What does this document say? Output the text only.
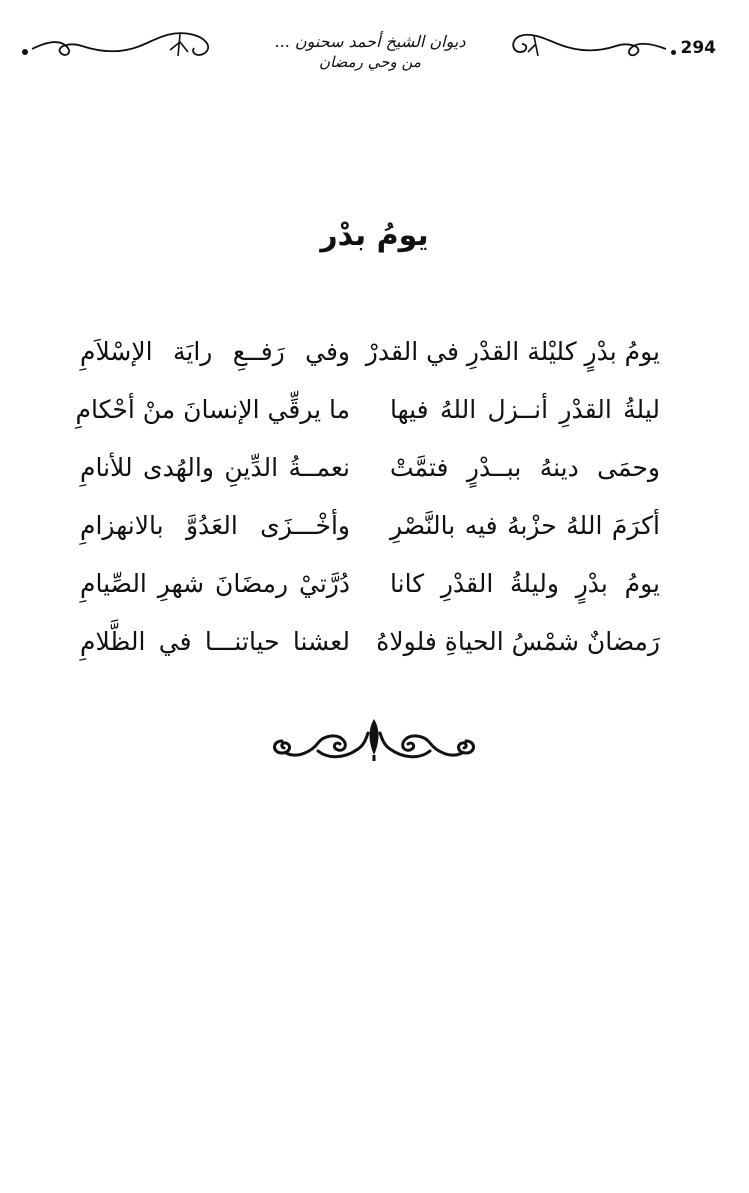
ديوان الشيخ أحمد سحنون ...
من وحي رمضان
294
يومُ بدْر
يومُ بدْرٍ كليْلة القدْرِ في القدرْ
وفي رَفــعِ رايَة الإسْلاَمِ
ليلةُ القدْرِ أنــزل اللهُ فيها
ما يرقِّي الإنسانَ منْ أحْكامِ
وحمَى دينهُ ببــدْرٍ فتمَّتْ
نعمــةُ الدِّينِ والهُدى للأنامِ
أكرَمَ اللهُ حزْبهُ فيه بالنَّصْرِ
وأخْـــزَى العَدُوَّ بالانهزامِ
يومُ بدْرٍ وليلةُ القدْرِ كانا
دُرَّتيْ رمضَانَ شهرِ الصِّيامِ
رَمضانٌ شمْسُ الحياةِ فلولاهُ
لعشنا حياتنـــا في الظَّلامِ
